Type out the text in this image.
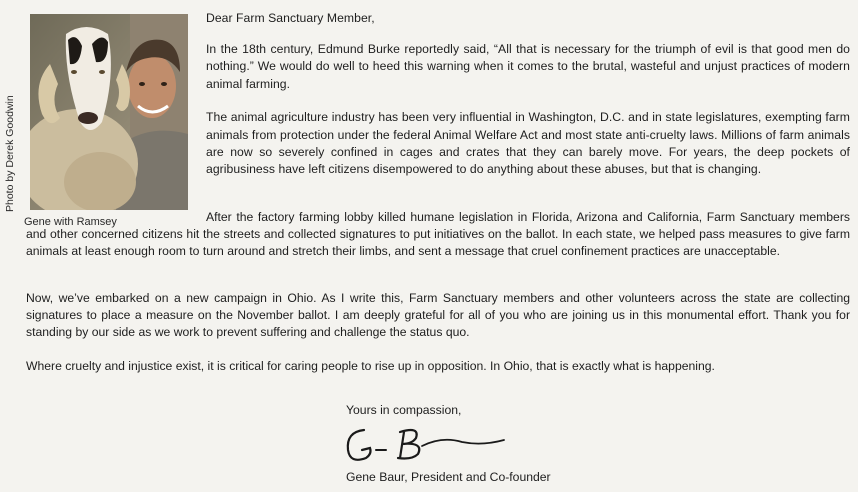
Photo by Derek Goodwin
Gene with Ramsey
Dear Farm Sanctuary Member,

In the 18th century, Edmund Burke reportedly said, “All that is necessary for the triumph of evil is that good men do nothing.” We would do well to heed this warning when it comes to the brutal, wasteful and unjust practices of modern animal farming.

The animal agriculture industry has been very influential in Washington, D.C. and in state legislatures, exempting farm animals from protection under the federal Animal Welfare Act and most state anti-cruelty laws. Millions of farm animals are now so severely confined in cages and crates that they can barely move. For years, the deep pockets of agribusiness have left citizens disempowered to do anything about these abuses, but that is changing.

After the factory farming lobby killed humane legislation in Florida, Arizona and California, Farm Sanctuary members and other concerned citizens hit the streets and collected signatures to put initiatives on the ballot. In each state, we helped pass measures to give farm animals at least enough room to turn around and stretch their limbs, and sent a message that cruel confinement practices are unacceptable.

Now, we’ve embarked on a new campaign in Ohio. As I write this, Farm Sanctuary members and other volunteers across the state are collecting signatures to place a measure on the November ballot. I am deeply grateful for all of you who are joining us in this monumental effort. Thank you for standing by our side as we work to prevent suffering and challenge the status quo.

Where cruelty and injustice exist, it is critical for caring people to rise up in opposition. In Ohio, that is exactly what is happening.

Yours in compassion,
Gene Baur, President and Co-founder
